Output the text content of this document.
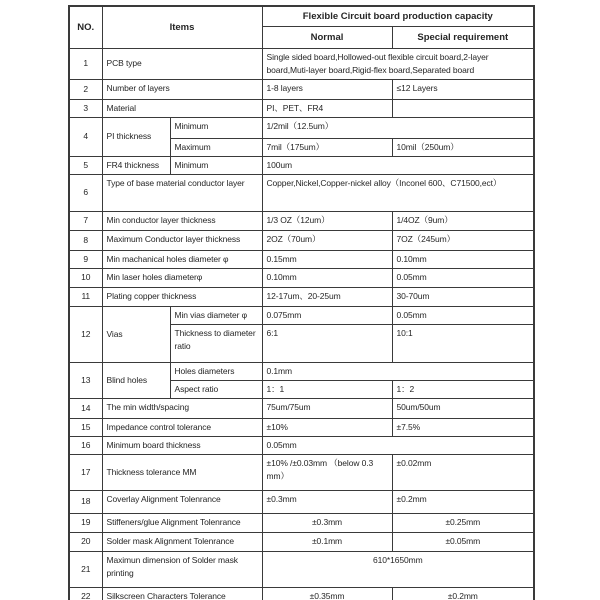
NO.	Items		Flexible Circuit board production capacity	
			Normal	Special requirement
1	PCB type		Single sided board,Hollowed-out flexible circuit board,2-layer board,Muti-layer board,Rigid-flex board,Separated board	
2	Number of layers		1-8 layers	≤12 Layers
3	Material		PI、PET、FR4	
4	PI thickness	Minimum	1/2mil（12.5um）	
		Maximum	7mil（175um）	10mil（250um）
5	FR4 thickness	Minimum	100um	
6	Type of base material conductor layer		Copper,Nickel,Copper-nickel alloy（Inconel 600、C71500,ect）	
7	Min conductor layer thickness		1/3 OZ（12um）	1/4OZ（9um）
8	Maximum Conductor layer thickness		2OZ（70um）	7OZ（245um）
9	Min machanical holes diameter φ		0.15mm	0.10mm
10	Min laser holes diameterφ		0.10mm	0.05mm
11	Plating copper thickness		12-17um、20-25um	30-70um
12	Vias	Min vias diameter φ	0.075mm	0.05mm
		Thickness to diameter ratio	6:1	10:1
13	Blind holes	Holes diameters	0.1mm	
		Aspect ratio	1：1	1：2
14	The min width/spacing		75um/75um	50um/50um
15	Impedance control tolerance		±10%	±7.5%
16	Minimum board thickness		0.05mm	
17	Thickness tolerance MM		±10% /±0.03mm （below 0.3 mm）	±0.02mm
18	Coverlay Alignment Tolenrance		±0.3mm	±0.2mm
19	Stiffeners/glue Alignment Tolenrance		±0.3mm	±0.25mm
20	Solder mask Alignment Tolenrance		±0.1mm	±0.05mm
21	Maximun dimension of Solder mask printing		610*1650mm	
22	Silkscreen Characters Tolerance		±0.35mm	±0.2mm
